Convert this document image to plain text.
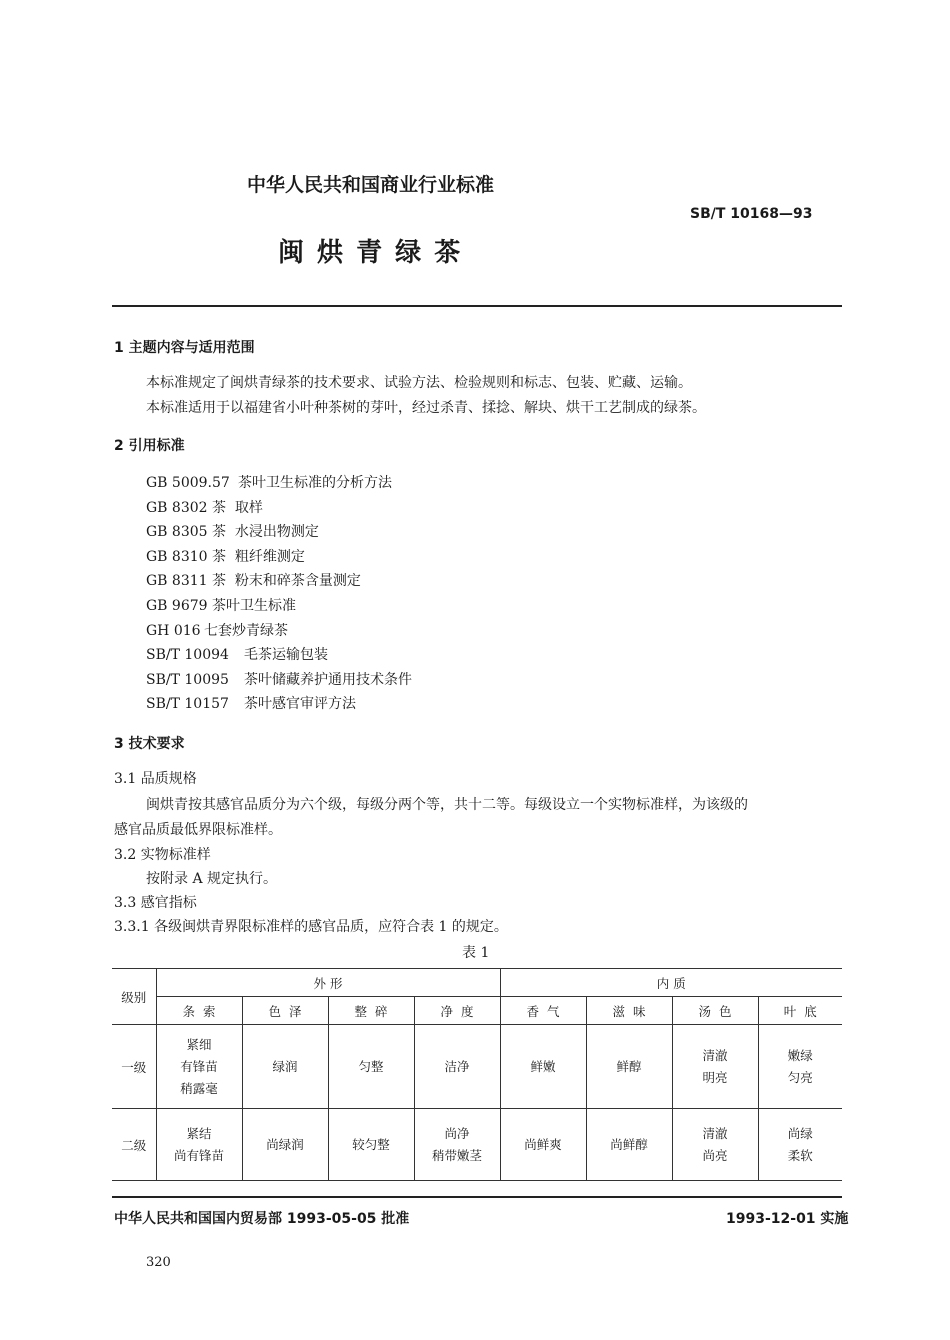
中华人民共和国商业行业标准
SB/T 10168—93
闽 烘 青 绿 茶
1 主题内容与适用范围
本标准规定了闽烘青绿茶的技术要求、试验方法、检验规则和标志、包装、贮藏、运输。
本标准适用于以福建省小叶种茶树的芽叶，经过杀青、揉捻、解块、烘干工艺制成的绿茶。
2 引用标准
GB 5009.57 茶叶卫生标准的分析方法
GB 8302 茶  取样
GB 8305 茶  水浸出物测定
GB 8310 茶  粗纤维测定
GB 8311 茶  粉末和碎茶含量测定
GB 9679 茶叶卫生标准
GH 016 七套炒青绿茶
SB/T 10094 毛茶运输包装
SB/T 10095 茶叶储藏养护通用技术条件
SB/T 10157 茶叶感官审评方法
3 技术要求
3.1 品质规格
闽烘青按其感官品质分为六个级，每级分两个等，共十二等。每级设立一个实物标准样，为该级的
感官品质最低界限标准样。
3.2 实物标准样
按附录 A 规定执行。
3.3 感官指标
3.3.1 各级闽烘青界限标准样的感官品质，应符合表 1 的规定。
表 1
级别	外 形				内 质			
	条  索	色  泽	整  碎	净  度	香  气	滋  味	汤  色	叶  底
一级	紧细
有锋苗
稍露毫	绿润	匀整	洁净	鲜嫩	鲜醇	清澈
明亮	嫩绿
匀亮

二级	紧结
尚有锋苗	尚绿润	较匀整	尚净
稍带嫩茎	尚鲜爽	尚鲜醇	清澈
尚亮	尚绿
柔软
中华人民共和国国内贸易部 1993-05-05 批准	1993-12-01 实施
320
